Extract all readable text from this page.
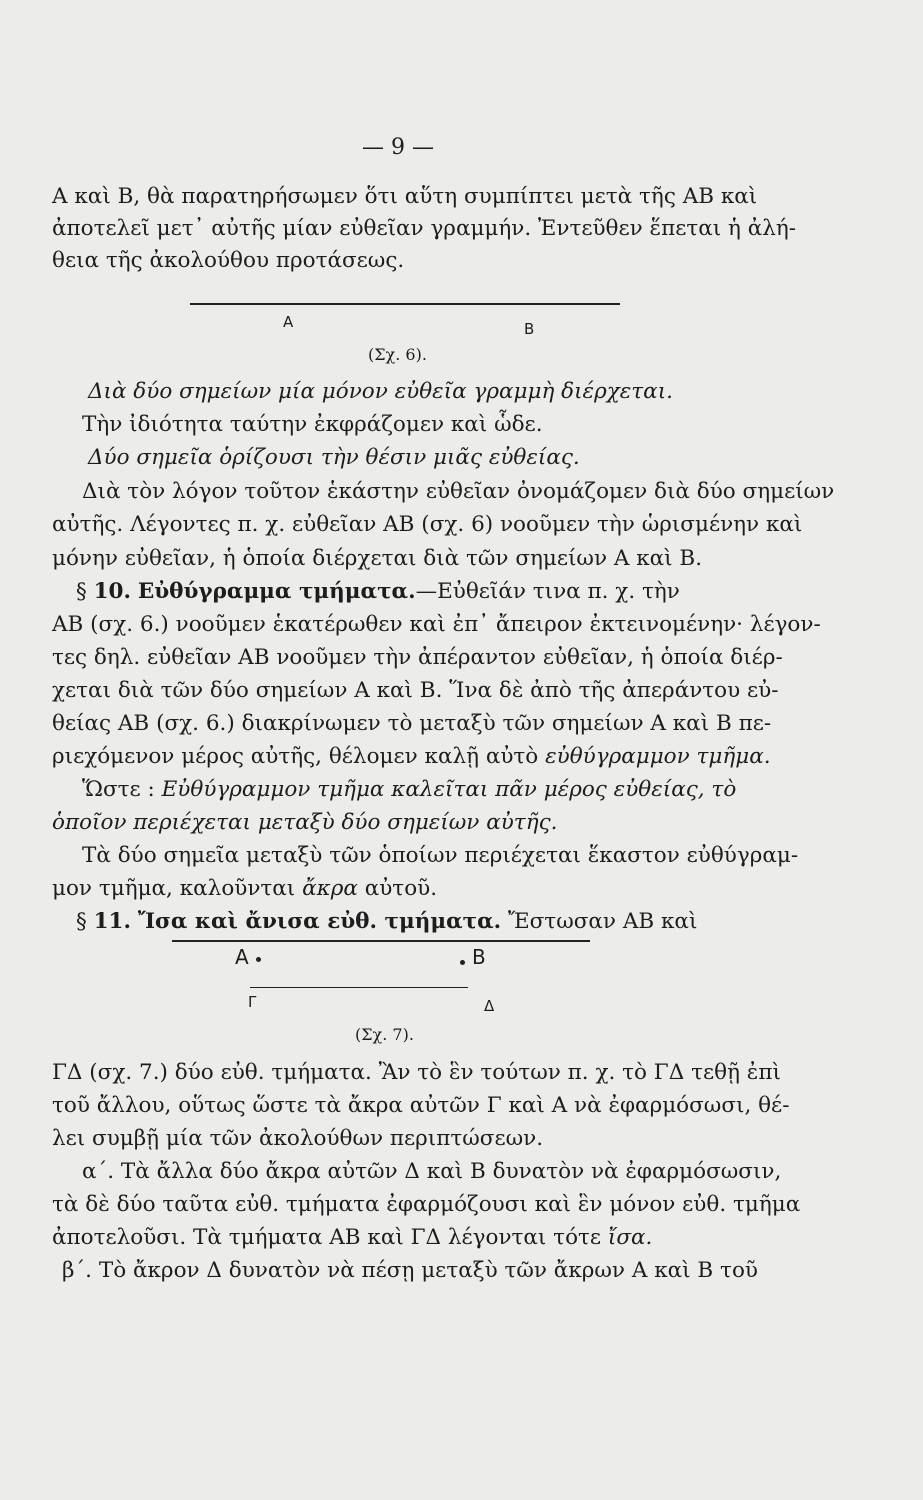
— 9 —

Α καὶ Β, θὰ παρατηρήσωμεν ὅτι αὕτη συμπίπτει μετὰ τῆς ΑΒ καὶ

ἀποτελεῖ μετ᾽ αὐτῆς μίαν εὐθεῖαν γραμμήν. Ἐντεῦθεν ἕπεται ἡ ἀλή-

θεια τῆς ἀκολούθου προτάσεως.

Α	Β
(Σχ. 6).

Διὰ δύο σημείων μία μόνον εὐθεῖα γραμμὴ διέρχεται.

Τὴν ἰδιότητα ταύτην ἐκφράζομεν καὶ ὧδε.

Δύο σημεῖα ὁρίζουσι τὴν θέσιν μιᾶς εὐθείας.

Διὰ τὸν λόγον τοῦτον ἑκάστην εὐθεῖαν ὀνομάζομεν διὰ δύο σημείων

αὐτῆς. Λέγοντες π. χ. εὐθεῖαν ΑΒ (σχ. 6) νοοῦμεν τὴν ὡρισμένην καὶ

μόνην εὐθεῖαν, ἡ ὁποία διέρχεται διὰ τῶν σημείων Α καὶ Β.

§ 10. Εὐθύγραμμα τμήματα.—Εὐθεῖάν τινα π. χ. τὴν

ΑΒ (σχ. 6.) νοοῦμεν ἑκατέρωθεν καὶ ἐπ᾽ ἄπειρον ἐκτεινομένην· λέγον-

τες δηλ. εὐθεῖαν ΑΒ νοοῦμεν τὴν ἀπέραντον εὐθεῖαν, ἡ ὁποία διέρ-

χεται διὰ τῶν δύο σημείων Α καὶ Β. Ἵνα δὲ ἀπὸ τῆς ἀπεράντου εὐ-

θείας ΑΒ (σχ. 6.) διακρίνωμεν τὸ μεταξὺ τῶν σημείων Α καὶ Β πε-

ριεχόμενον μέρος αὐτῆς, θέλομεν καλῇ αὐτὸ εὐθύγραμμον τμῆμα.

Ὥστε : Εὐθύγραμμον τμῆμα καλεῖται πᾶν μέρος εὐθείας, τὸ

ὁποῖον περιέχεται μεταξὺ δύο σημείων αὐτῆς.

Τὰ δύο σημεῖα μεταξὺ τῶν ὁποίων περιέχεται ἕκαστον εὐθύγραμ-

μον τμῆμα, καλοῦνται ἄκρα αὐτοῦ.

§ 11. Ἴσα καὶ ἄνισα εὐθ. τμήματα. Ἔστωσαν ΑΒ καὶ

Α	Β
Γ	Δ
(Σχ. 7).

ΓΔ (σχ. 7.) δύο εὐθ. τμήματα. Ἂν τὸ ἓν τούτων π. χ. τὸ ΓΔ τεθῇ ἐπὶ

τοῦ ἄλλου, οὕτως ὥστε τὰ ἄκρα αὐτῶν Γ καὶ Α νὰ ἐφαρμόσωσι, θέ-

λει συμβῇ μία τῶν ἀκολούθων περιπτώσεων.

α΄. Τὰ ἄλλα δύο ἄκρα αὐτῶν Δ καὶ Β δυνατὸν νὰ ἐφαρμόσωσιν,

τὰ δὲ δύο ταῦτα εὐθ. τμήματα ἐφαρμόζουσι καὶ ἓν μόνον εὐθ. τμῆμα

ἀποτελοῦσι. Τὰ τμήματα ΑΒ καὶ ΓΔ λέγονται τότε ἴσα.

β΄. Τὸ ἄκρον Δ δυνατὸν νὰ πέσῃ μεταξὺ τῶν ἄκρων Α καὶ Β τοῦ
